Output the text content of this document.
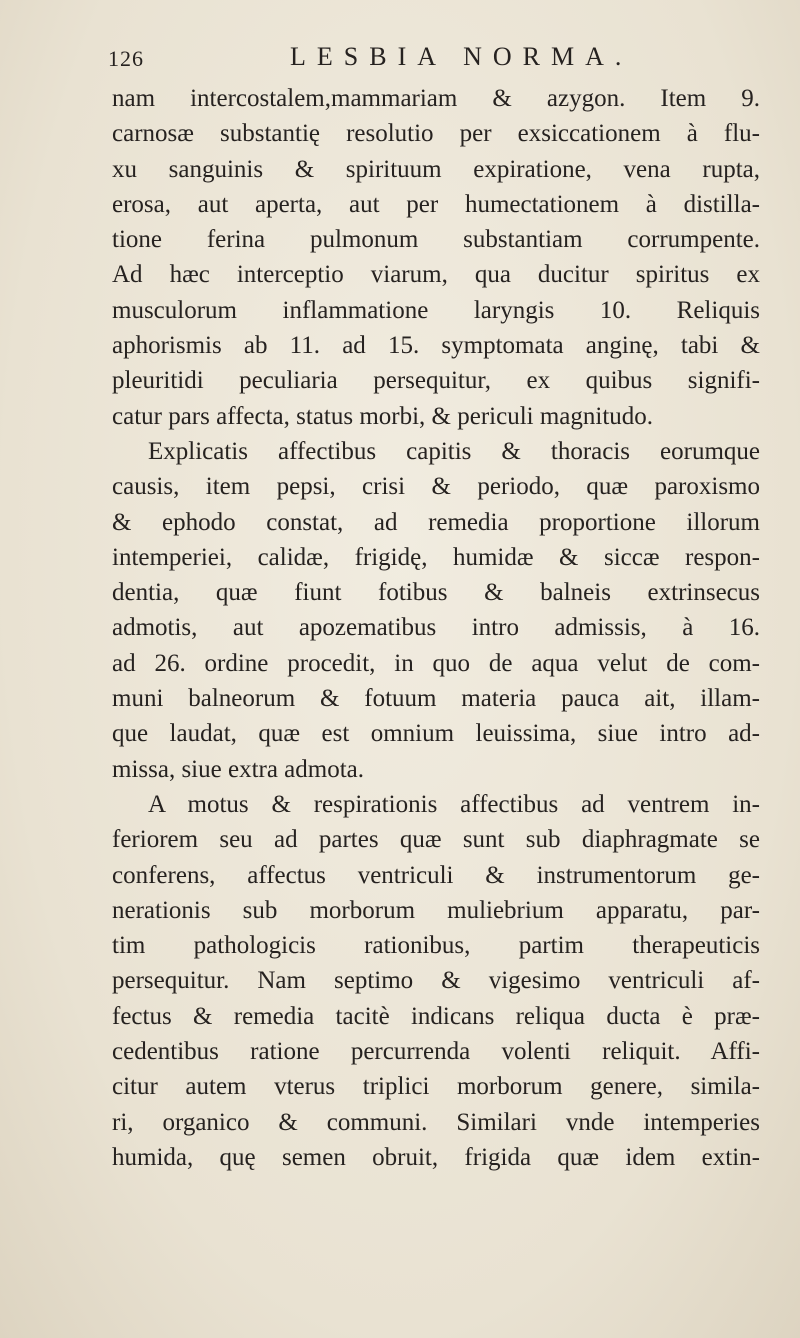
126	LESBIA NORMA.
nam intercostalem,mammariam & azygon. Item 9.
carnosæ substantię resolutio per exsiccationem à flu-
xu sanguinis & spirituum expiratione, vena rupta,
erosa, aut aperta, aut per humectationem à distilla-
tione ferina pulmonum substantiam corrumpente.
Ad hæc interceptio viarum, qua ducitur spiritus ex
musculorum inflammatione laryngis 10. Reliquis
aphorismis ab 11. ad 15. symptomata anginę, tabi &
pleuritidi peculiaria persequitur, ex quibus signifi-
catur pars affecta, status morbi, & periculi magnitudo.
Explicatis affectibus capitis & thoracis eorumque
causis, item pepsi, crisi & periodo, quæ paroxismo
& ephodo constat, ad remedia proportione illorum
intemperiei, calidæ, frigidę, humidæ & siccæ respon-
dentia, quæ fiunt fotibus & balneis extrinsecus
admotis, aut apozematibus intro admissis, à 16.
ad 26. ordine procedit, in quo de aqua velut de com-
muni balneorum & fotuum materia pauca ait, illam-
que laudat, quæ est omnium leuissima, siue intro ad-
missa, siue extra admota.
A motus & respirationis affectibus ad ventrem in-
feriorem seu ad partes quæ sunt sub diaphragmate se
conferens, affectus ventriculi & instrumentorum ge-
nerationis sub morborum muliebrium apparatu, par-
tim pathologicis rationibus, partim therapeuticis
persequitur. Nam septimo & vigesimo ventriculi af-
fectus & remedia tacitè indicans reliqua ducta è præ-
cedentibus ratione percurrenda volenti reliquit. Affi-
citur autem vterus triplici morborum genere, simila-
ri, organico & communi. Similari vnde intemperies
humida, quę semen obruit, frigida quæ idem extin-
